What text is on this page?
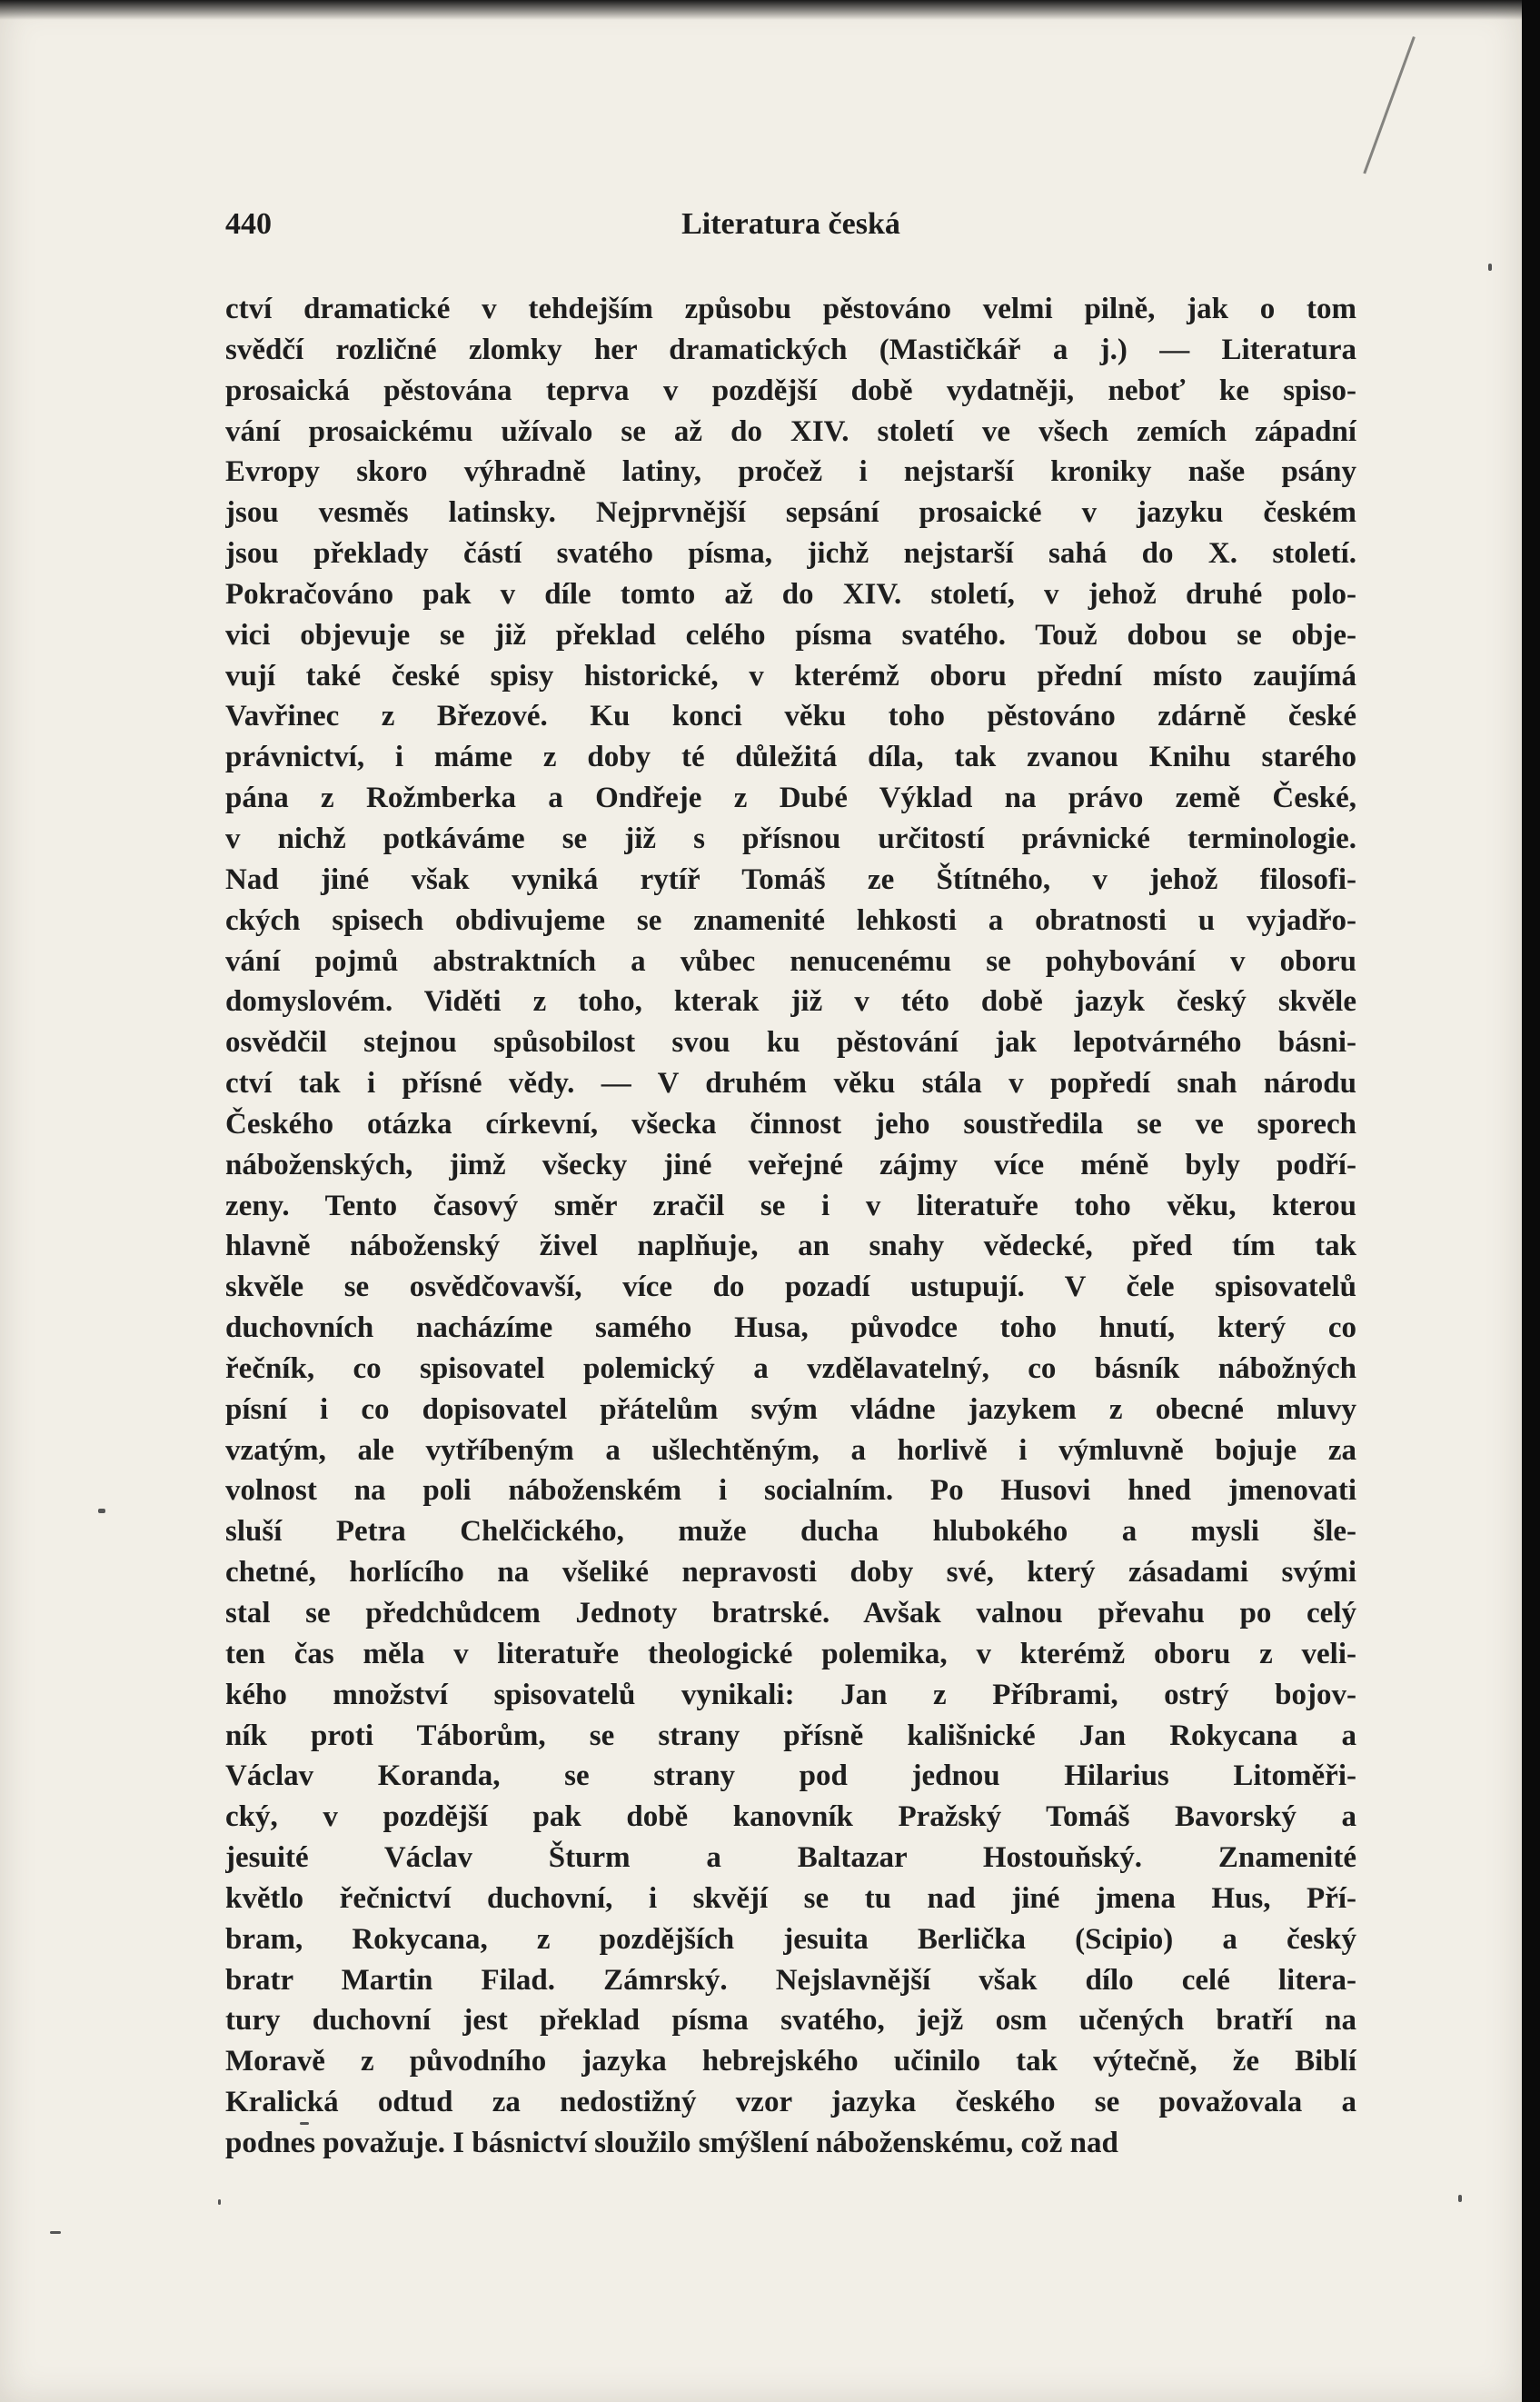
440	Literatura česká
ctví dramatické v tehdejším způsobu pěstováno velmi pilně, jak o tom
svědčí rozličné zlomky her dramatických (Mastičkář a j.) — Literatura
prosaická pěstována teprva v pozdější době vydatněji, neboť ke spiso-
vání prosaickému užívalo se až do XIV. století ve všech zemích západní
Evropy skoro výhradně latiny, pročež i nejstarší kroniky naše psány
jsou vesměs latinsky. Nejprvnější sepsání prosaické v jazyku českém
jsou překlady částí svatého písma, jichž nejstarší sahá do X. století.
Pokračováno pak v díle tomto až do XIV. století, v jehož druhé polo-
vici objevuje se již překlad celého písma svatého. Touž dobou se obje-
vují také české spisy historické, v kterémž oboru přední místo zaujímá
Vavřinec z Březové. Ku konci věku toho pěstováno zdárně české
právnictví, i máme z doby té důležitá díla, tak zvanou Knihu starého
pána z Rožmberka a Ondřeje z Dubé Výklad na právo země České,
v nichž potkáváme se již s přísnou určitostí právnické terminologie.
Nad jiné však vyniká rytíř Tomáš ze Štítného, v jehož filosofi-
ckých spisech obdivujeme se znamenité lehkosti a obratnosti u vyjadřo-
vání pojmů abstraktních a vůbec nenucenému se pohybování v oboru
domyslovém. Viděti z toho, kterak již v této době jazyk český skvěle
osvědčil stejnou spůsobilost svou ku pěstování jak lepotvárného básni-
ctví tak i přísné vědy. — V druhém věku stála v popředí snah národu
Českého otázka církevní, všecka činnost jeho soustředila se ve sporech
náboženských, jimž všecky jiné veřejné zájmy více méně byly podří-
zeny. Tento časový směr zračil se i v literatuře toho věku, kterou
hlavně náboženský živel naplňuje, an snahy vědecké, před tím tak
skvěle se osvědčovavší, více do pozadí ustupují. V čele spisovatelů
duchovních nacházíme samého Husa, původce toho hnutí, který co
řečník, co spisovatel polemický a vzdělavatelný, co básník nábožných
písní i co dopisovatel přátelům svým vládne jazykem z obecné mluvy
vzatým, ale vytříbeným a ušlechtěným, a horlivě i výmluvně bojuje za
volnost na poli náboženském i socialním. Po Husovi hned jmenovati
sluší Petra Chelčického, muže ducha hlubokého a mysli šle-
chetné, horlícího na všeliké nepravosti doby své, který zásadami svými
stal se předchůdcem Jednoty bratrské. Avšak valnou převahu po celý
ten čas měla v literatuře theologické polemika, v kterémž oboru z veli-
kého množství spisovatelů vynikali: Jan z Příbrami, ostrý bojov-
ník proti Táborům, se strany přísně kališnické Jan Rokycana a
Václav Koranda, se strany pod jednou Hilarius Litoměři-
cký, v pozdější pak době kanovník Pražský Tomáš Bavorský a
jesuité Václav Šturm a Baltazar Hostouňský. Znamenité
květlo řečnictví duchovní, i skvějí se tu nad jiné jmena Hus, Pří-
bram, Rokycana, z pozdějších jesuita Berlička (Scipio) a český
bratr Martin Filad. Zámrský. Nejslavnější však dílo celé litera-
tury duchovní jest překlad písma svatého, jejž osm učených bratří na
Moravě z původního jazyka hebrejského učinilo tak výtečně, že Biblí
Kralická odtud za nedostižný vzor jazyka českého se považovala a
podnes považuje. I básnictví sloužilo smýšlení náboženskému, což nad
